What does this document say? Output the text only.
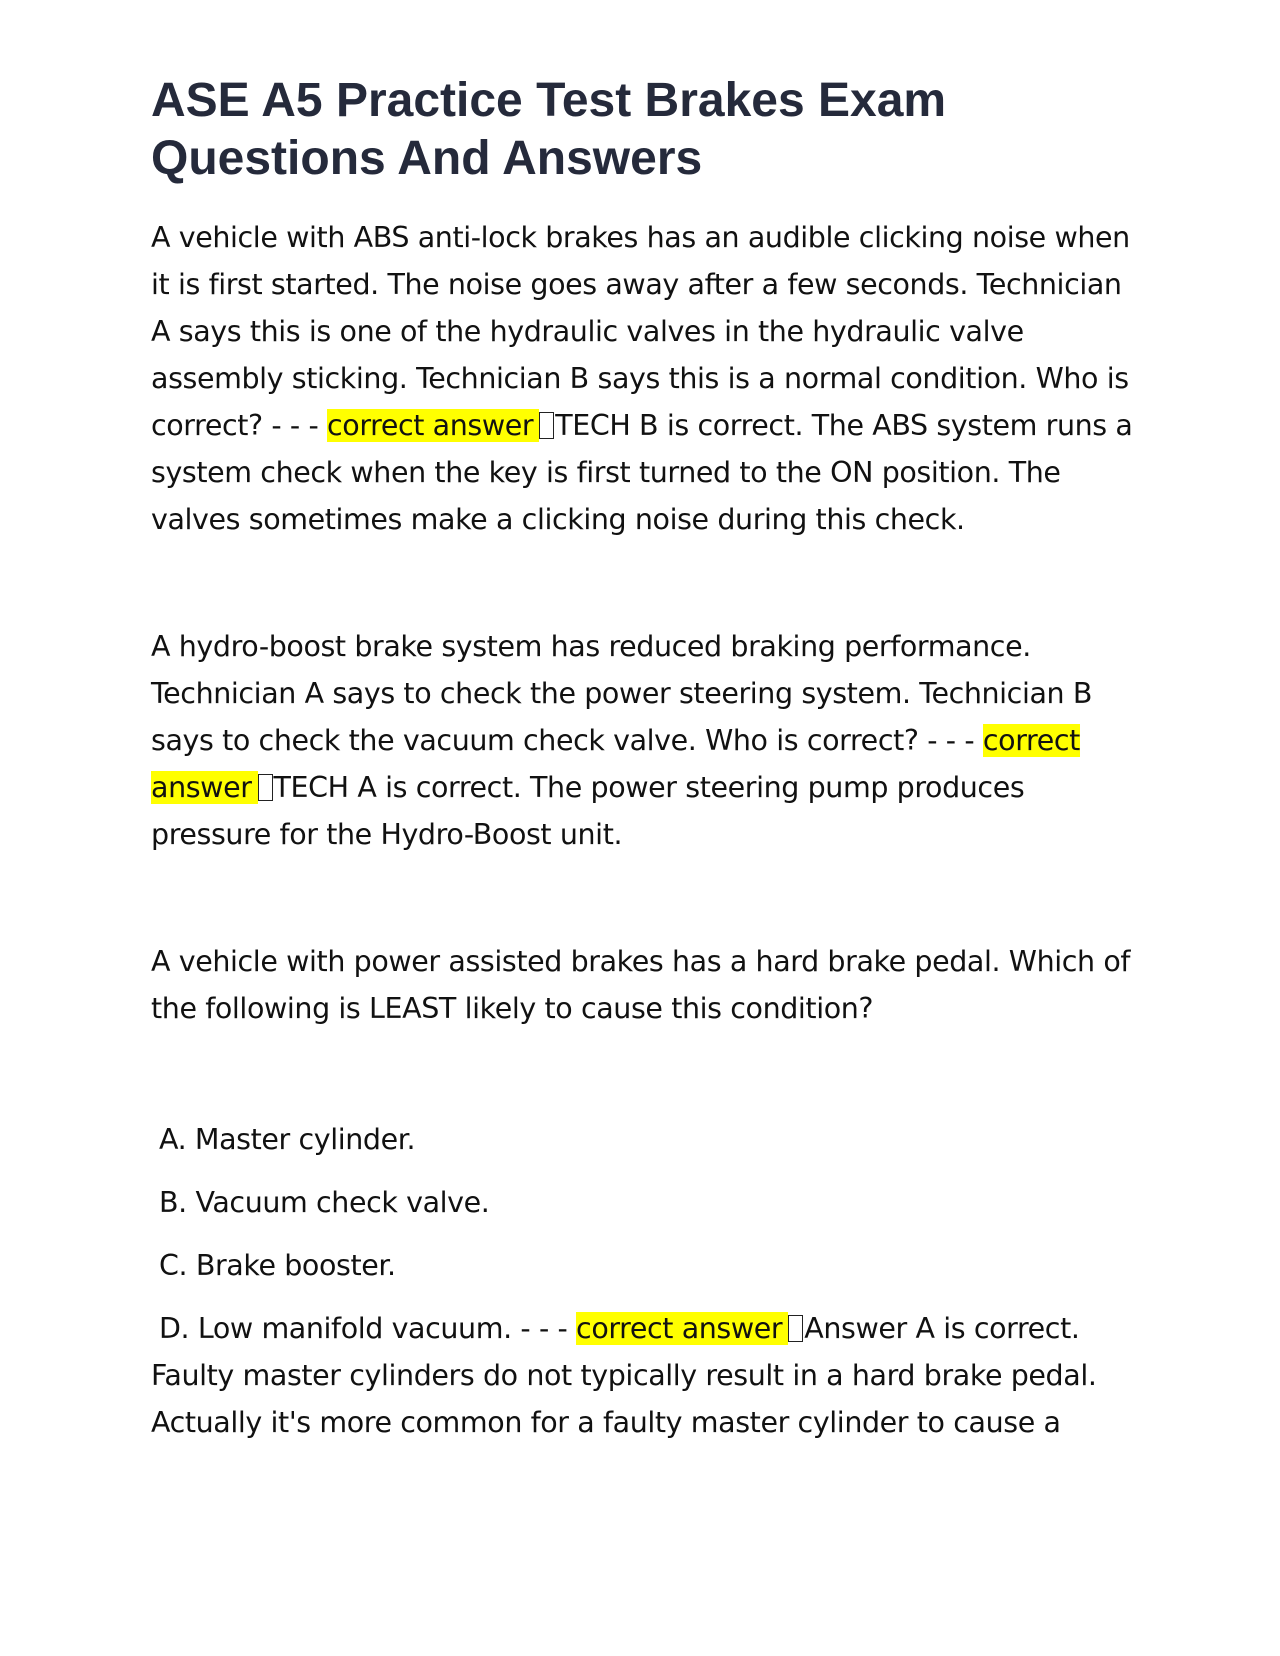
ASE A5 Practice Test Brakes Exam Questions And Answers

A vehicle with ABS anti-lock brakes has an audible clicking noise when it is first started. The noise goes away after a few seconds. Technician A says this is one of the hydraulic valves in the hydraulic valve assembly sticking. Technician B says this is a normal condition. Who is correct? - - - correct answer TECH B is correct. The ABS system runs a system check when the key is first turned to the ON position. The valves sometimes make a clicking noise during this check.

A hydro-boost brake system has reduced braking performance. Technician A says to check the power steering system. Technician B says to check the vacuum check valve. Who is correct? - - - correct answer TECH A is correct. The power steering pump produces pressure for the Hydro-Boost unit.

A vehicle with power assisted brakes has a hard brake pedal. Which of the following is LEAST likely to cause this condition?

A. Master cylinder.

B. Vacuum check valve.

C. Brake booster.

D. Low manifold vacuum. - - - correct answer Answer A is correct. Faulty master cylinders do not typically result in a hard brake pedal. Actually it's more common for a faulty master cylinder to cause a
